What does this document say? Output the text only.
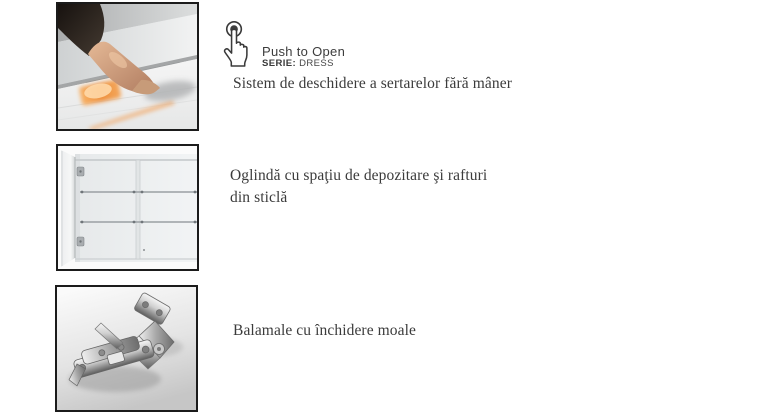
Push to Open
SERIE: DRESS

Sistem de deschidere a sertarelor fără mâner

Oglindă cu spaţiu de depozitare şi rafturi din sticlă

Balamale cu închidere moale
